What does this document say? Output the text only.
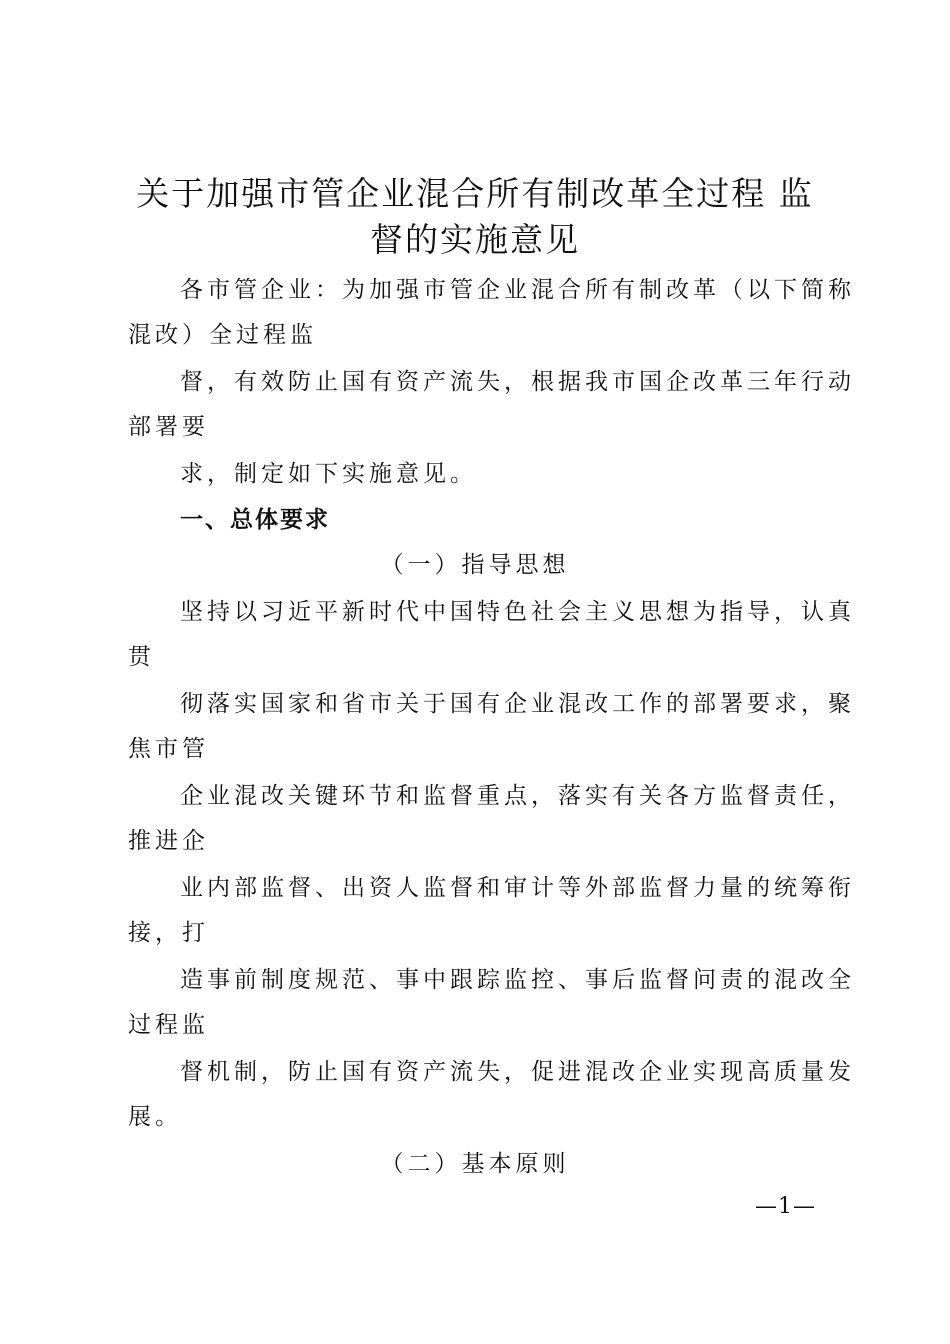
关于加强市管企业混合所有制改革全过程 监
督的实施意见

各市管企业：为加强市管企业混合所有制改革（以下简称

混改）全过程监

督，有效防止国有资产流失，根据我市国企改革三年行动

部署要

求，制定如下实施意见。

一、总体要求

（一）指导思想

坚持以习近平新时代中国特色社会主义思想为指导，认真

贯

彻落实国家和省市关于国有企业混改工作的部署要求，聚

焦市管

企业混改关键环节和监督重点，落实有关各方监督责任，

推进企

业内部监督、出资人监督和审计等外部监督力量的统筹衔

接，打

造事前制度规范、事中跟踪监控、事后监督问责的混改全

过程监

督机制，防止国有资产流失，促进混改企业实现高质量发

展。

（二）基本原则

—1—
